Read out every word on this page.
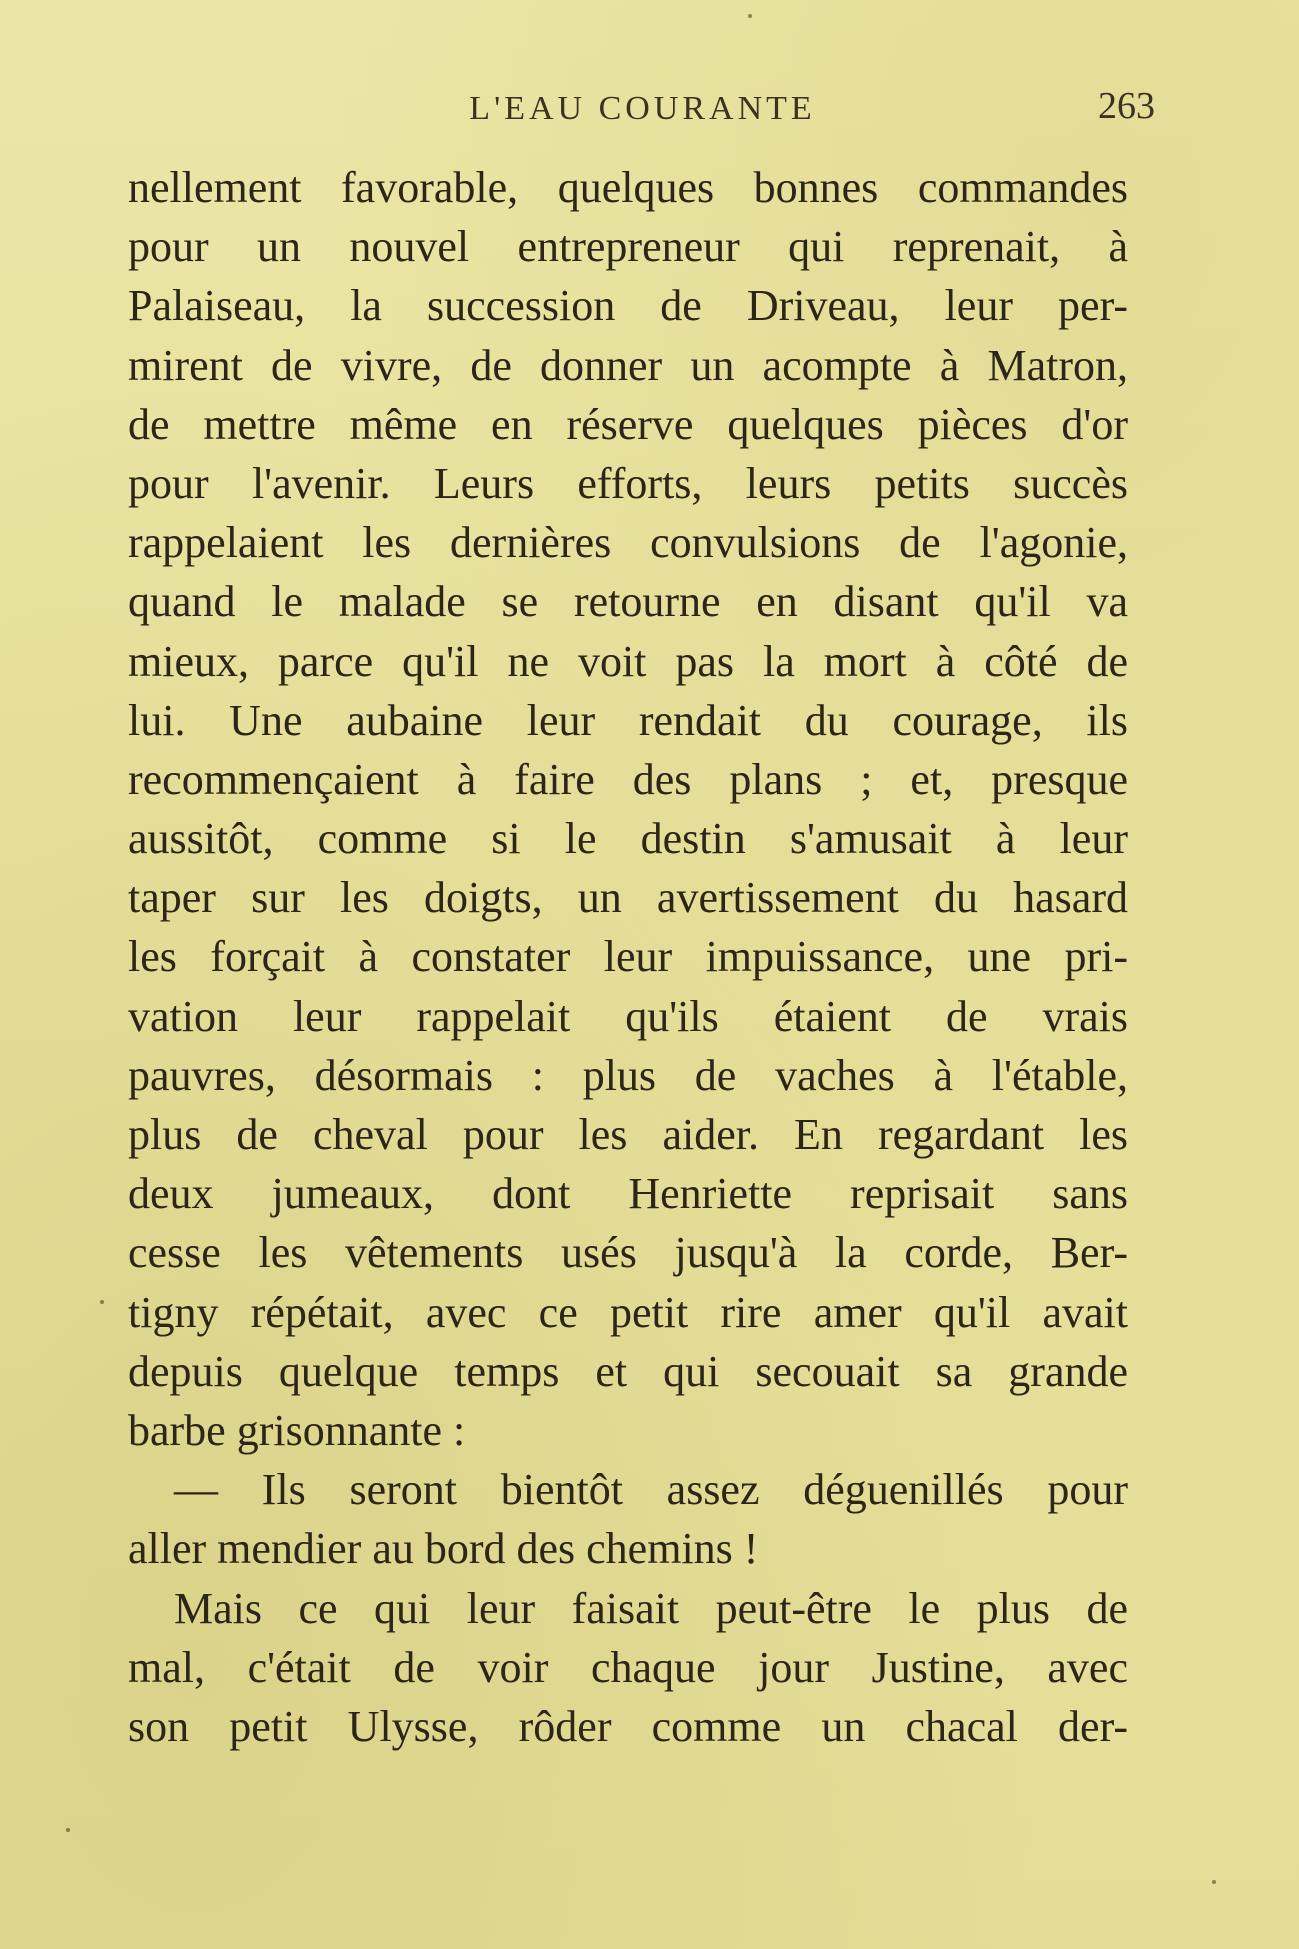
L'EAU COURANTE	263
nellement favorable, quelques bonnes commandes
pour un nouvel entrepreneur qui reprenait, à
Palaiseau, la succession de Driveau, leur per-
mirent de vivre, de donner un acompte à Matron,
de mettre même en réserve quelques pièces d'or
pour l'avenir. Leurs efforts, leurs petits succès
rappelaient les dernières convulsions de l'agonie,
quand le malade se retourne en disant qu'il va
mieux, parce qu'il ne voit pas la mort à côté de
lui. Une aubaine leur rendait du courage, ils
recommençaient à faire des plans ; et, presque
aussitôt, comme si le destin s'amusait à leur
taper sur les doigts, un avertissement du hasard
les forçait à constater leur impuissance, une pri-
vation leur rappelait qu'ils étaient de vrais
pauvres, désormais : plus de vaches à l'étable,
plus de cheval pour les aider. En regardant les
deux jumeaux, dont Henriette reprisait sans
cesse les vêtements usés jusqu'à la corde, Ber-
tigny répétait, avec ce petit rire amer qu'il avait
depuis quelque temps et qui secouait sa grande
barbe grisonnante :
— Ils seront bientôt assez déguenillés pour
aller mendier au bord des chemins !
Mais ce qui leur faisait peut-être le plus de
mal, c'était de voir chaque jour Justine, avec
son petit Ulysse, rôder comme un chacal der-
